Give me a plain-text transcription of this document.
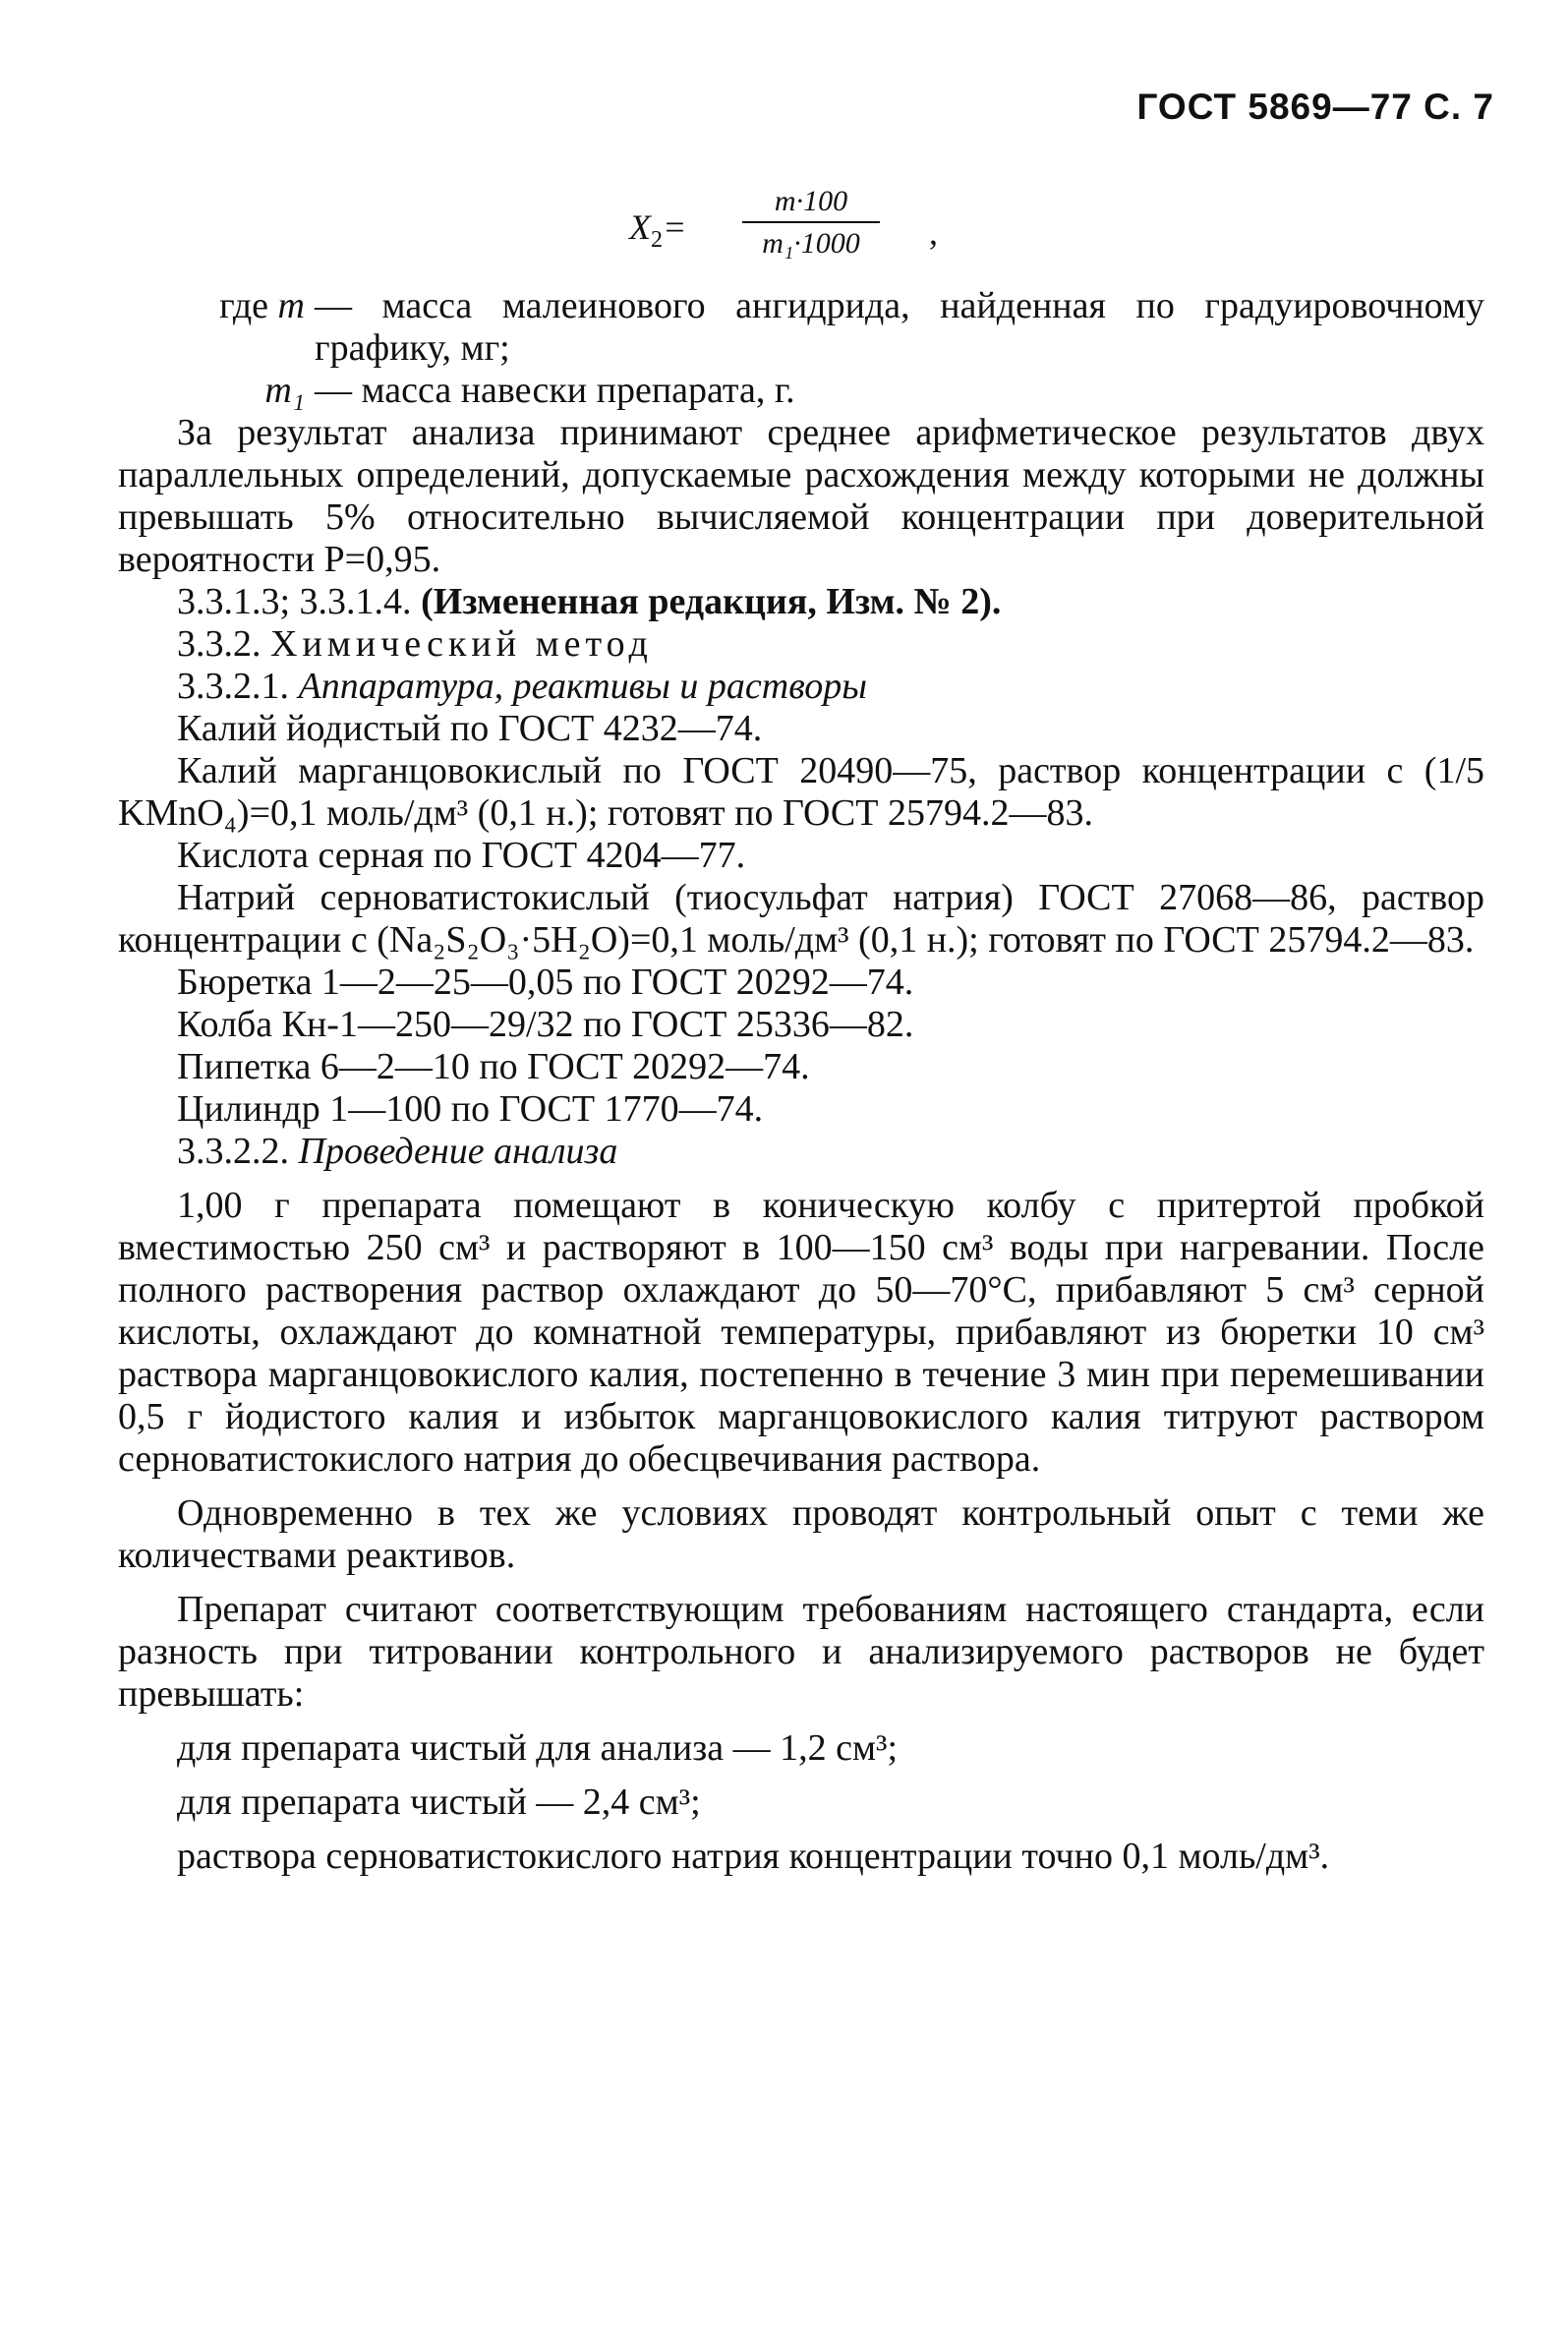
ГОСТ 5869—77 С. 7
$X_2=$
m·100
m₁·1000	,
где m — масса малеинового ангидрида, найденная по градуировочному графику, мг;
m₁ — масса навески препарата, г.

За результат анализа принимают среднее арифметическое результатов двух параллельных определений, допускаемые расхождения между которыми не должны превышать 5% относительно вычисляемой концентрации при доверительной вероятности P=0,95.

3.3.1.3; 3.3.1.4. (Измененная редакция, Изм. № 2).

3.3.2. Химический метод

3.3.2.1. Аппаратура, реактивы и растворы

Калий йодистый по ГОСТ 4232—74.

Калий марганцовокислый по ГОСТ 20490—75, раствор концентрации c (1/5 KMnO₄)=0,1 моль/дм³ (0,1 н.); готовят по ГОСТ 25794.2—83.

Кислота серная по ГОСТ 4204—77.

Натрий серноватистокислый (тиосульфат натрия) ГОСТ 27068—86, раствор концентрации c (Na₂S₂O₃·5H₂O)=0,1 моль/дм³ (0,1 н.); готовят по ГОСТ 25794.2—83.

Бюретка 1—2—25—0,05 по ГОСТ 20292—74.

Колба Кн-1—250—29/32 по ГОСТ 25336—82.

Пипетка 6—2—10 по ГОСТ 20292—74.

Цилиндр 1—100 по ГОСТ 1770—74.

3.3.2.2. Проведение анализа

1,00 г препарата помещают в коническую колбу с притертой пробкой вместимостью 250 см³ и растворяют в 100—150 см³ воды при нагревании. После полного растворения раствор охлаждают до 50—70°С, прибавляют 5 см³ серной кислоты, охлаждают до комнатной температуры, прибавляют из бюретки 10 см³ раствора марганцовокислого калия, постепенно в течение 3 мин при перемешивании 0,5 г йодистого калия и избыток марганцовокислого калия титруют раствором серноватистокислого натрия до обесцвечивания раствора.

Одновременно в тех же условиях проводят контрольный опыт с теми же количеcтвами реактивов.

Препарат считают соответствующим требованиям настоящего стандарта, если разность при титровании контрольного и анализируемого растворов не будет превышать:

для препарата чистый для анализа — 1,2 см³;

для препарата чистый — 2,4 см³;

раствора серноватистокислого натрия концентрации точно 0,1 моль/дм³.
